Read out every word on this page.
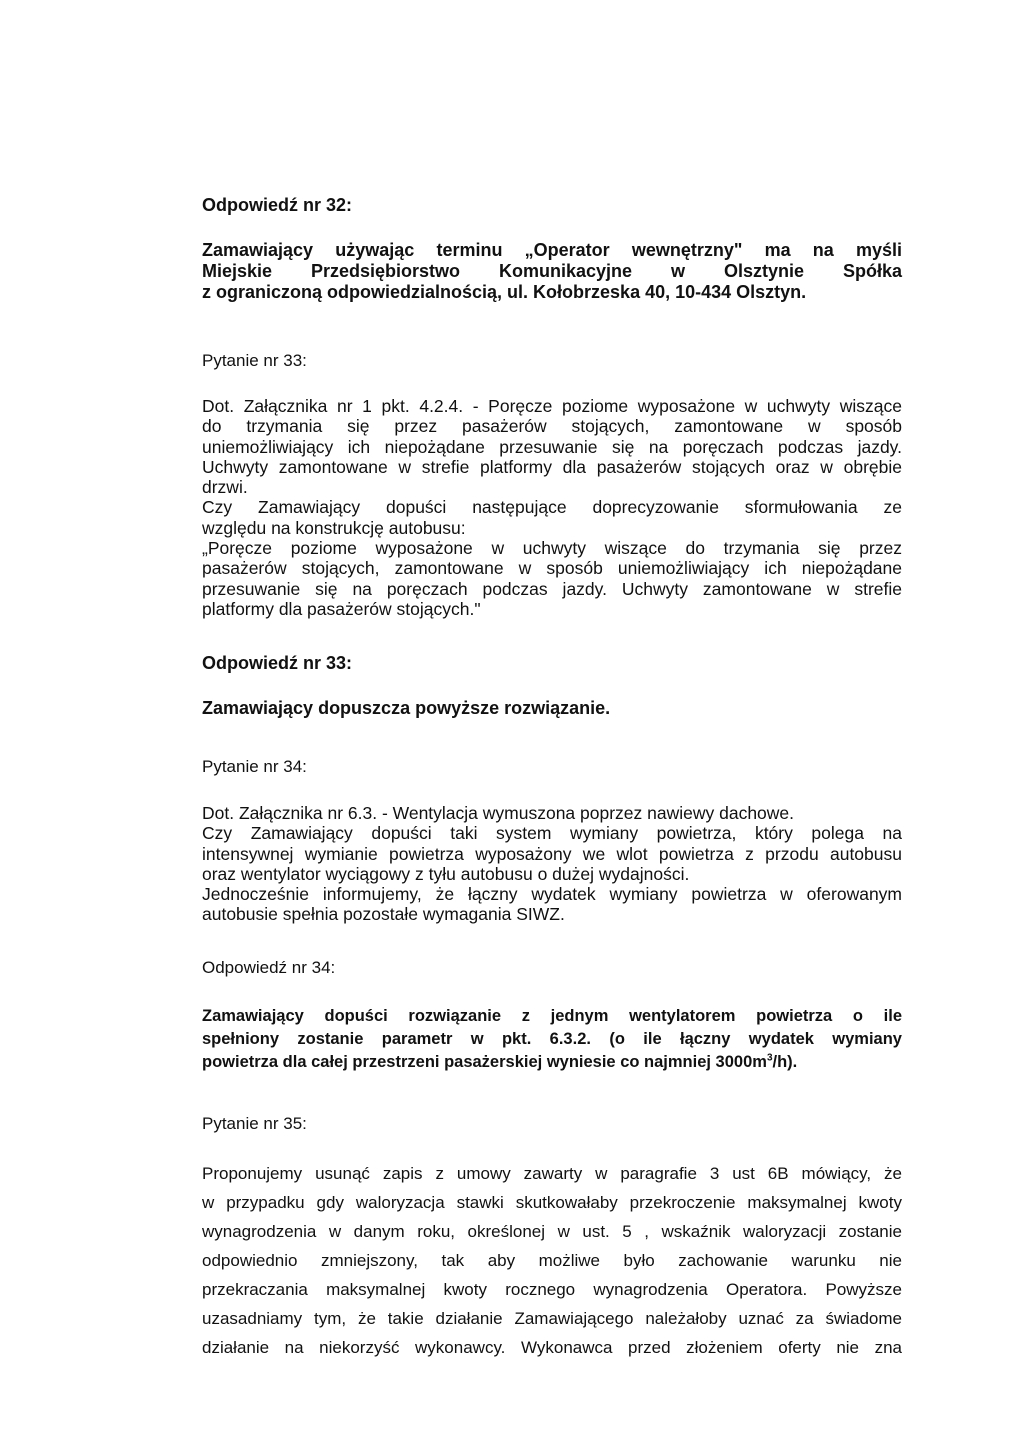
Odpowiedź nr 32:
Zamawiający używając terminu „Operator wewnętrzny" ma na myśli
Miejskie Przedsiębiorstwo Komunikacyjne w Olsztynie Spółka
z ograniczoną odpowiedzialnością, ul. Kołobrzeska 40, 10-434 Olsztyn.
Pytanie nr 33:
Dot. Załącznika nr 1 pkt. 4.2.4. - Poręcze poziome wyposażone w uchwyty wiszące
do trzymania się przez pasażerów stojących, zamontowane w sposób
uniemożliwiający ich niepożądane przesuwanie się na poręczach podczas jazdy.
Uchwyty zamontowane w strefie platformy dla pasażerów stojących oraz w obrębie
drzwi.
Czy Zamawiający dopuści następujące doprecyzowanie sformułowania ze
względu na konstrukcję autobusu:
„Poręcze poziome wyposażone w uchwyty wiszące do trzymania się przez
pasażerów stojących, zamontowane w sposób uniemożliwiający ich niepożądane
przesuwanie się na poręczach podczas jazdy. Uchwyty zamontowane w strefie
platformy dla pasażerów stojących."
Odpowiedź nr 33:
Zamawiający dopuszcza powyższe rozwiązanie.
Pytanie nr 34:
Dot. Załącznika nr 6.3. - Wentylacja wymuszona poprzez nawiewy dachowe.
Czy Zamawiający dopuści taki system wymiany powietrza, który polega na
intensywnej wymianie powietrza wyposażony we wlot powietrza z przodu autobusu
oraz wentylator wyciągowy z tyłu autobusu o dużej wydajności.
Jednocześnie informujemy, że łączny wydatek wymiany powietrza w oferowanym
autobusie spełnia pozostałe wymagania SIWZ.
Odpowiedź nr 34:
Zamawiający dopuści rozwiązanie z jednym wentylatorem powietrza o ile
spełniony zostanie parametr w pkt. 6.3.2. (o ile łączny wydatek wymiany
powietrza dla całej przestrzeni pasażerskiej wyniesie co najmniej $3000m^3/h$).
Pytanie nr 35:
Proponujemy usunąć zapis z umowy zawarty w paragrafie 3 ust 6B mówiący, że
w przypadku gdy waloryzacja stawki skutkowałaby przekroczenie maksymalnej kwoty
wynagrodzenia w danym roku, określonej w ust. 5 , wskaźnik waloryzacji zostanie
odpowiednio zmniejszony, tak aby możliwe było zachowanie warunku nie
przekraczania maksymalnej kwoty rocznego wynagrodzenia Operatora. Powyższe
uzasadniamy tym, że takie działanie Zamawiającego należałoby uznać za świadome
działanie na niekorzyść wykonawcy. Wykonawca przed złożeniem oferty nie zna
